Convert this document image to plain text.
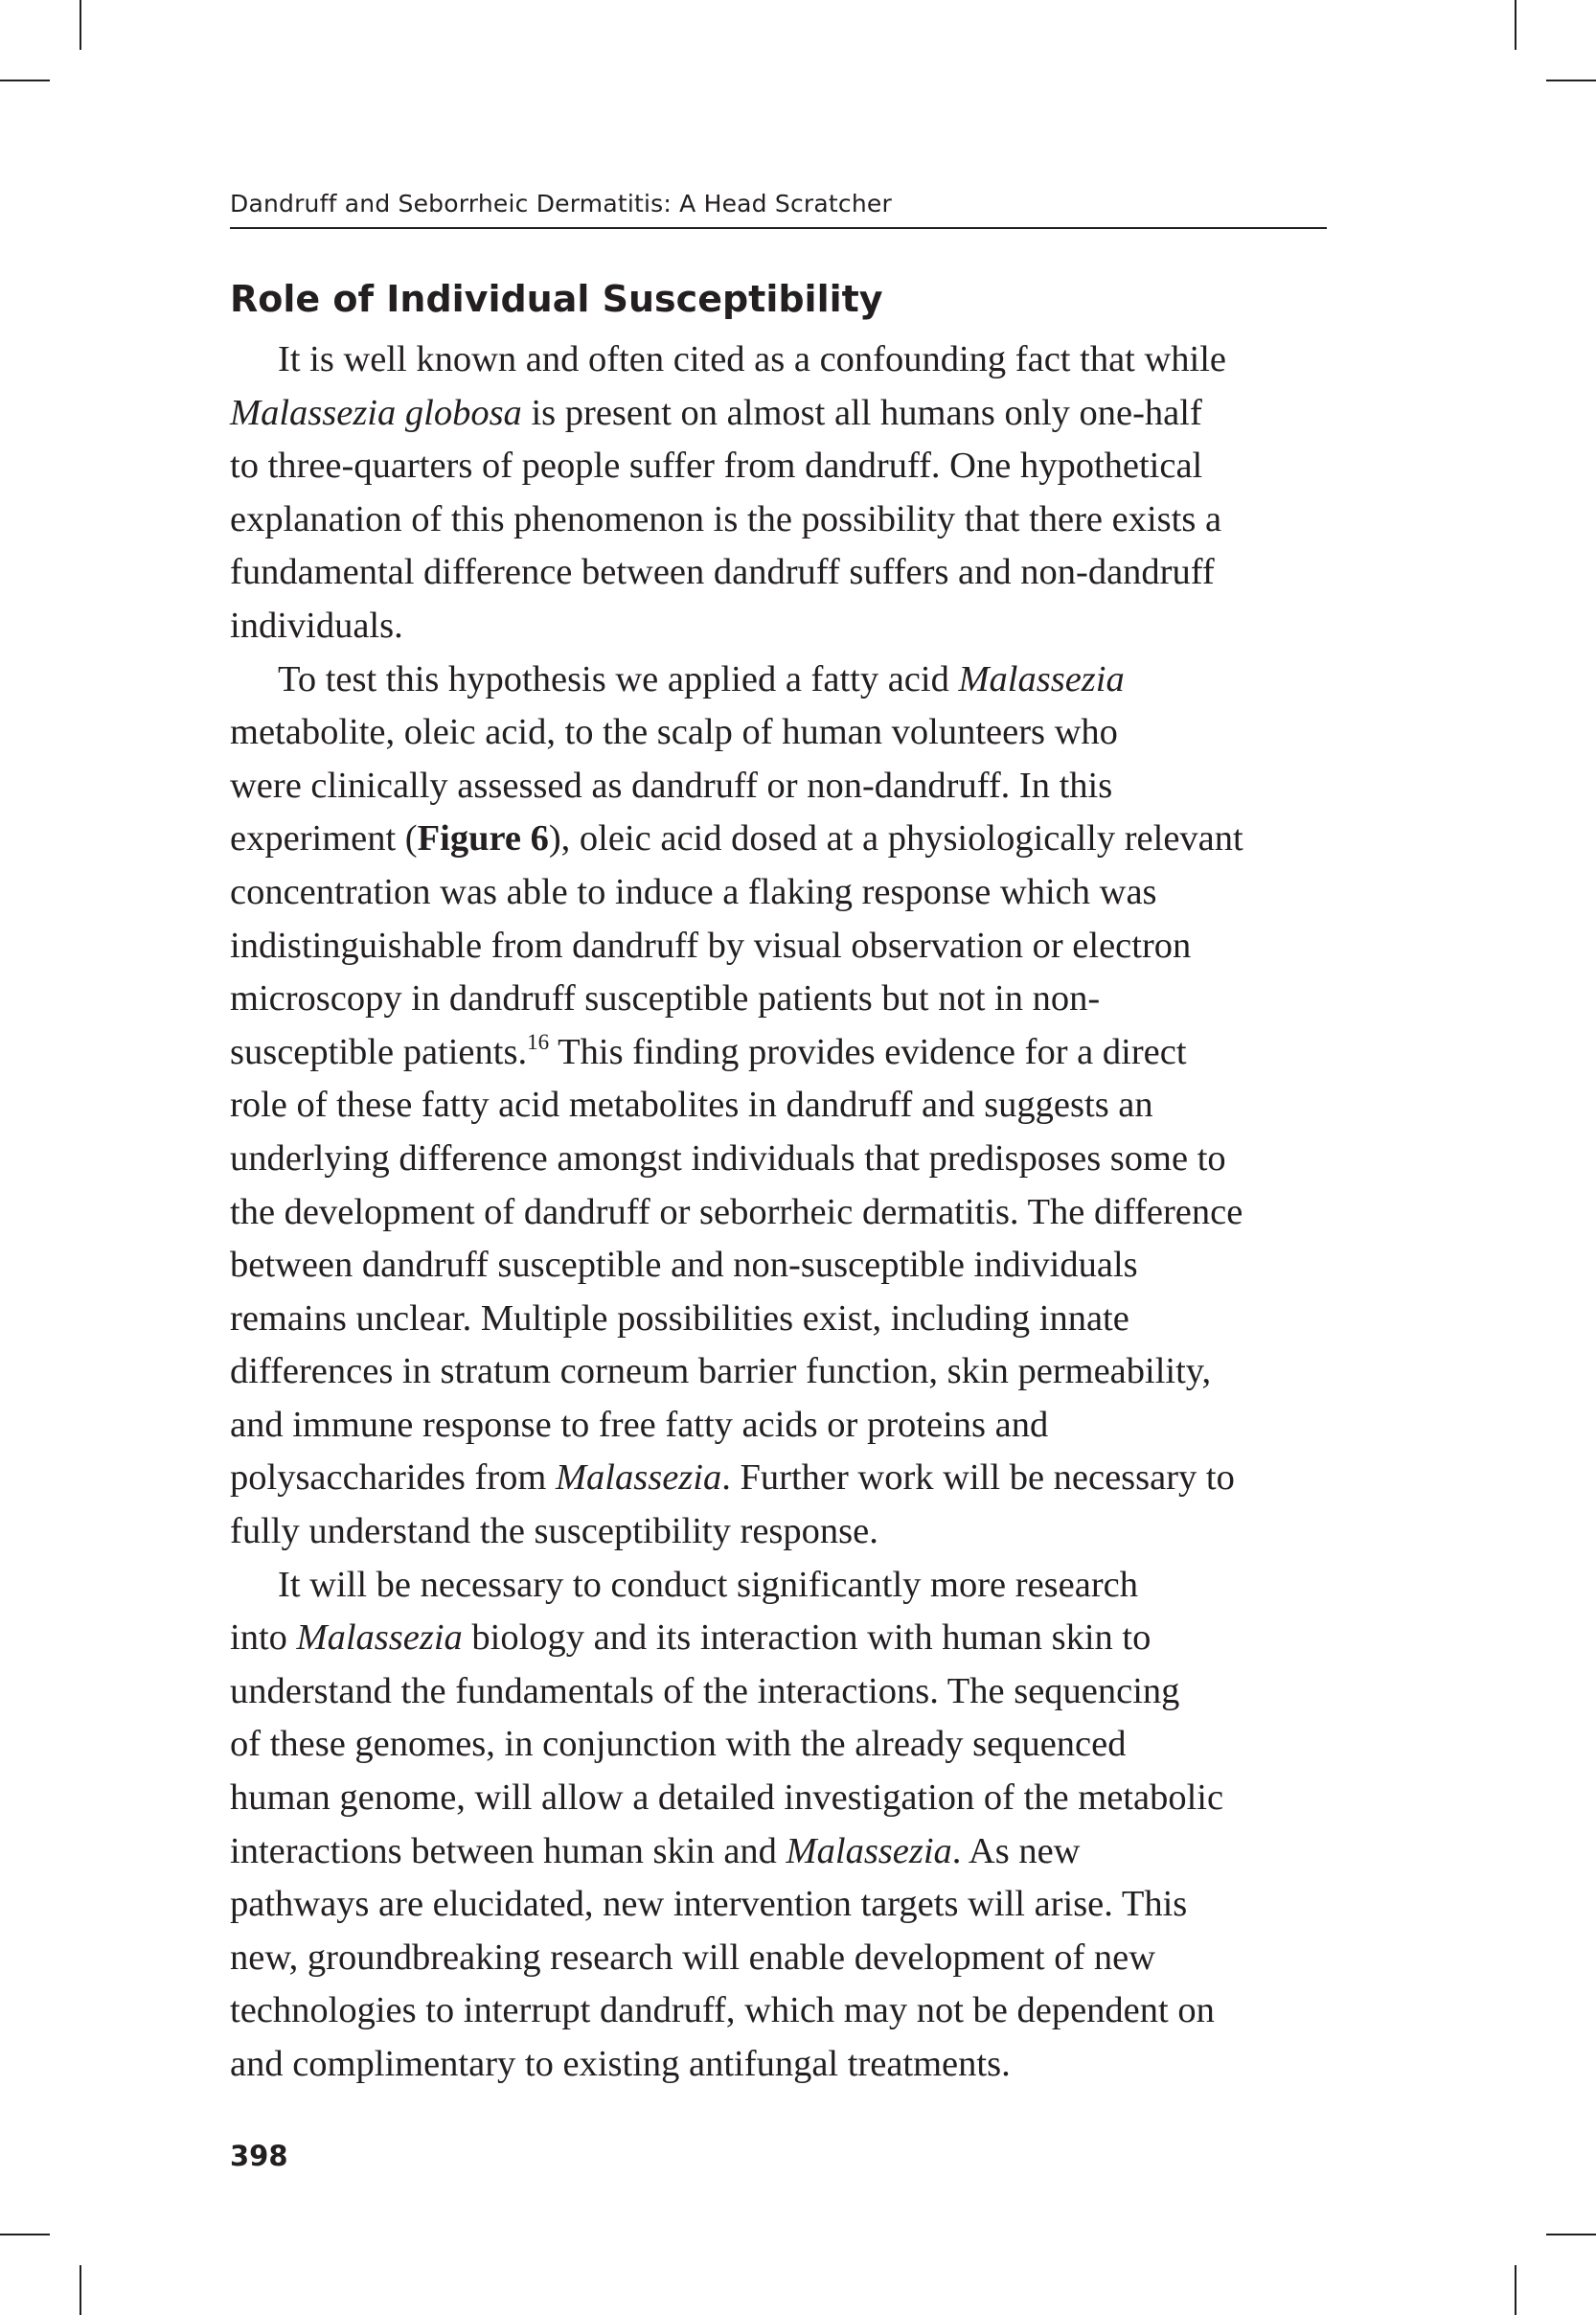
Dandruff and Seborrheic Dermatitis: A Head Scratcher
Role of Individual Susceptibility
It is well known and often cited as a confounding fact that while
Malassezia globosa is present on almost all humans only one-half
to three-quarters of people suffer from dandruff. One hypothetical
explanation of this phenomenon is the possibility that there exists a
fundamental difference between dandruff suffers and non-dandruff
individuals.
To test this hypothesis we applied a fatty acid Malassezia
metabolite, oleic acid, to the scalp of human volunteers who
were clinically assessed as dandruff or non-dandruff. In this
experiment (Figure 6), oleic acid dosed at a physiologically relevant
concentration was able to induce a flaking response which was
indistinguishable from dandruff by visual observation or electron
microscopy in dandruff susceptible patients but not in non-
susceptible patients.$^{16}$ This finding provides evidence for a direct
role of these fatty acid metabolites in dandruff and suggests an
underlying difference amongst individuals that predisposes some to
the development of dandruff or seborrheic dermatitis. The difference
between dandruff susceptible and non-susceptible individuals
remains unclear. Multiple possibilities exist, including innate
differences in stratum corneum barrier function, skin permeability,
and immune response to free fatty acids or proteins and
polysaccharides from Malassezia. Further work will be necessary to
fully understand the susceptibility response.
It will be necessary to conduct significantly more research
into Malassezia biology and its interaction with human skin to
understand the fundamentals of the interactions. The sequencing
of these genomes, in conjunction with the already sequenced
human genome, will allow a detailed investigation of the metabolic
interactions between human skin and Malassezia. As new
pathways are elucidated, new intervention targets will arise. This
new, groundbreaking research will enable development of new
technologies to interrupt dandruff, which may not be dependent on
and complimentary to existing antifungal treatments.
398
